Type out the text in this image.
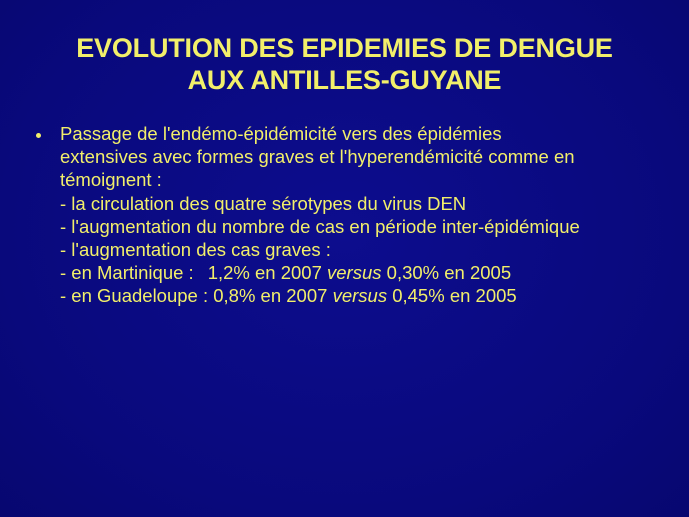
EVOLUTION DES EPIDEMIES DE DENGUE
AUX ANTILLES-GUYANE
Passage de l'endémo-épidémicité vers des épidémies
extensives avec formes graves et l'hyperendémicité comme en
témoignent :
- la circulation des quatre sérotypes du virus DEN
- l'augmentation du nombre de cas en période inter-épidémique
- l'augmentation des cas graves :
- en Martinique : 1,2% en 2007 versus 0,30% en 2005
- en Guadeloupe : 0,8% en 2007 versus 0,45% en 2005
